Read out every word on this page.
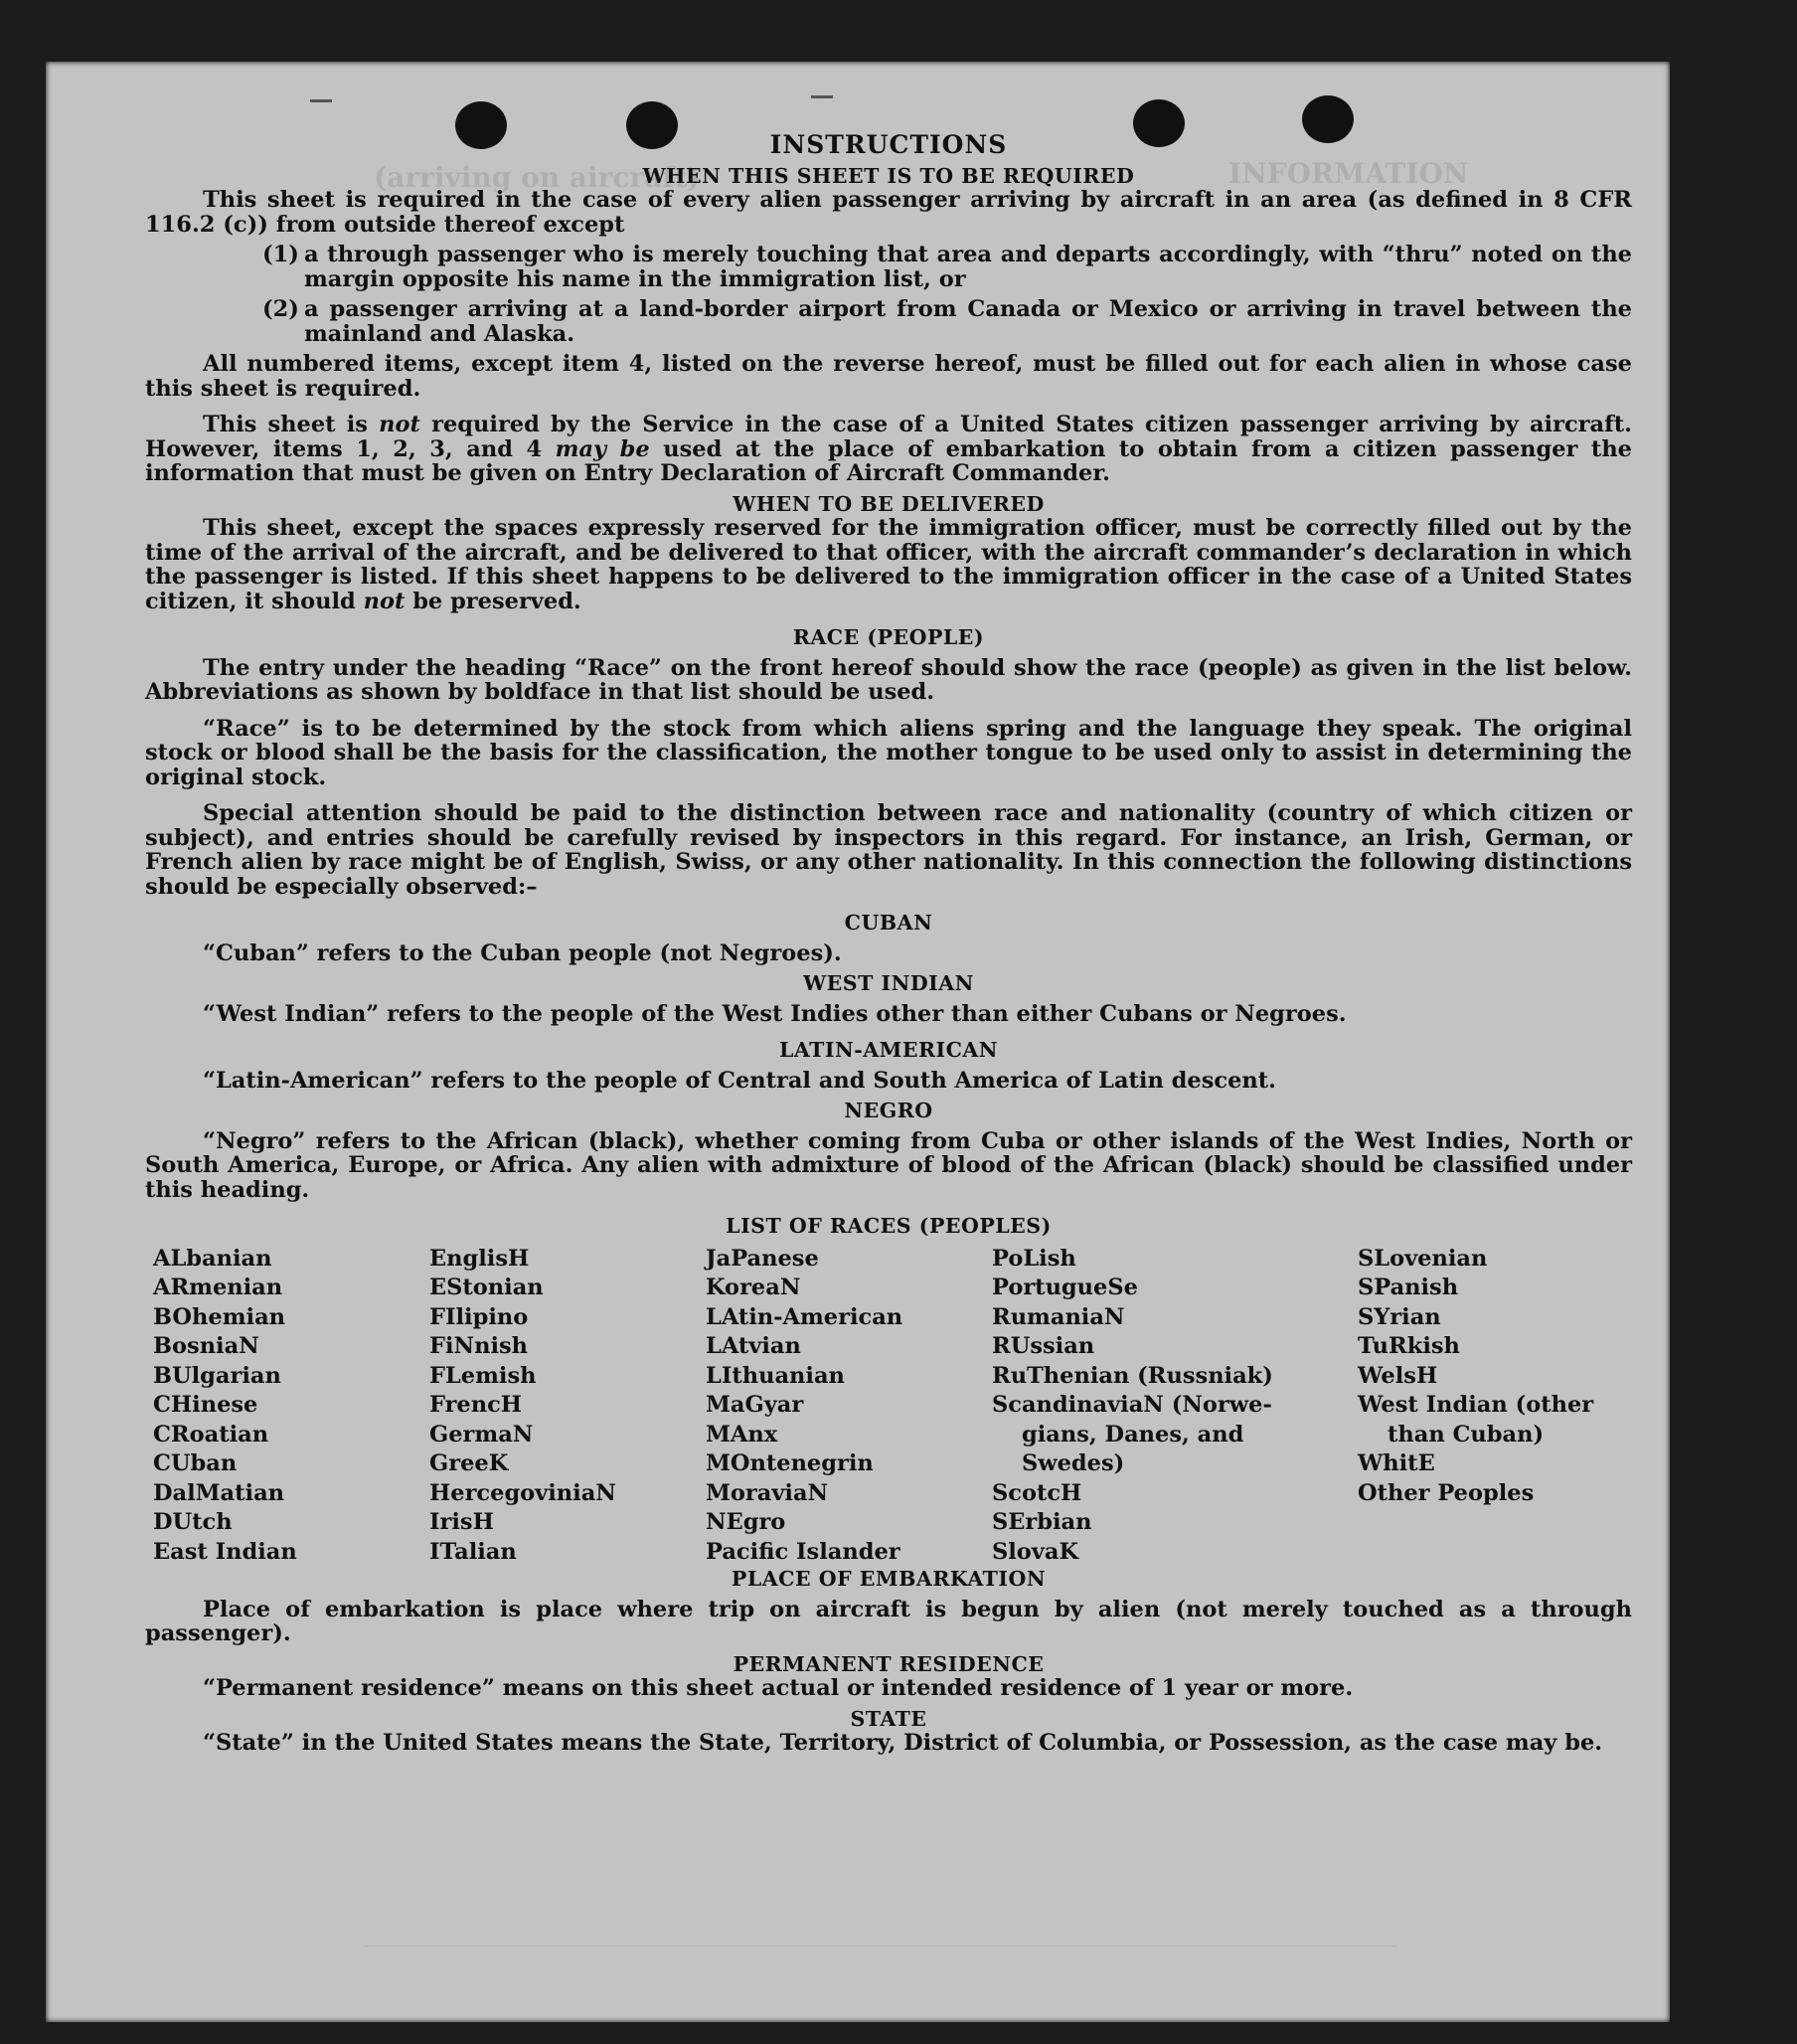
(arriving on aircraft)	INFORMATION
INSTRUCTIONS
WHEN THIS SHEET IS TO BE REQUIRED

This sheet is required in the case of every alien passenger arriving by aircraft in an area (as defined in 8 CFR 116.2 (c)) from outside thereof except

(1) a through passenger who is merely touching that area and departs accordingly, with “thru” noted on the margin opposite his name in the immigration list, or
(2) a passenger arriving at a land-border airport from Canada or Mexico or arriving in travel between the mainland and Alaska.

All numbered items, except item 4, listed on the reverse hereof, must be filled out for each alien in whose case this sheet is required.

This sheet is not required by the Service in the case of a United States citizen passenger arriving by aircraft. However, items 1, 2, 3, and 4 may be used at the place of embarkation to obtain from a citizen passenger the information that must be given on Entry Declaration of Aircraft Commander.

WHEN TO BE DELIVERED

This sheet, except the spaces expressly reserved for the immigration officer, must be correctly filled out by the time of the arrival of the aircraft, and be delivered to that officer, with the aircraft commander’s declaration in which the passenger is listed. If this sheet happens to be delivered to the immigration officer in the case of a United States citizen, it should not be preserved.

RACE (PEOPLE)

The entry under the heading “Race” on the front hereof should show the race (people) as given in the list below. Abbreviations as shown by boldface in that list should be used.

“Race” is to be determined by the stock from which aliens spring and the language they speak. The original stock or blood shall be the basis for the classification, the mother tongue to be used only to assist in determining the original stock.

Special attention should be paid to the distinction between race and nationality (country of which citizen or subject), and entries should be carefully revised by inspectors in this regard. For instance, an Irish, German, or French alien by race might be of English, Swiss, or any other nationality. In this connection the following distinctions should be especially observed:–

CUBAN

“Cuban” refers to the Cuban people (not Negroes).

WEST INDIAN

“West Indian” refers to the people of the West Indies other than either Cubans or Negroes.

LATIN-AMERICAN

“Latin-American” refers to the people of Central and South America of Latin descent.

NEGRO

“Negro” refers to the African (black), whether coming from Cuba or other islands of the West Indies, North or South America, Europe, or Africa. Any alien with admixture of blood of the African (black) should be classified under this heading.

LIST OF RACES (PEOPLES)
ALbanian
ARmenian
BOhemian
BosniaN
BUlgarian
CHinese
CRoatian
CUban
DalMatian
DUtch
East Indian
EnglisH
EStonian
FIlipino
FiNnish
FLemish
FrencH
GermaN
GreeK
HercegoviniaN
IrisH
ITalian
JaPanese
KoreaN
LAtin-American
LAtvian
LIthuanian
MaGyar
MAnx
MOntenegrin
MoraviaN
NEgro
Pacific Islander
PoLish
PortugueSe
RumaniaN
RUssian
RuThenian (Russniak)
ScandinaviaN (Norwe-
gians, Danes, and
Swedes)
ScotcH
SErbian
SlovaK
SLovenian
SPanish
SYrian
TuRkish
WelsH
West Indian (other
than Cuban)
WhitE
Other Peoples
PLACE OF EMBARKATION

Place of embarkation is place where trip on aircraft is begun by alien (not merely touched as a through passenger).

PERMANENT RESIDENCE

“Permanent residence” means on this sheet actual or intended residence of 1 year or more.

STATE

“State” in the United States means the State, Territory, District of Columbia, or Possession, as the case may be.
